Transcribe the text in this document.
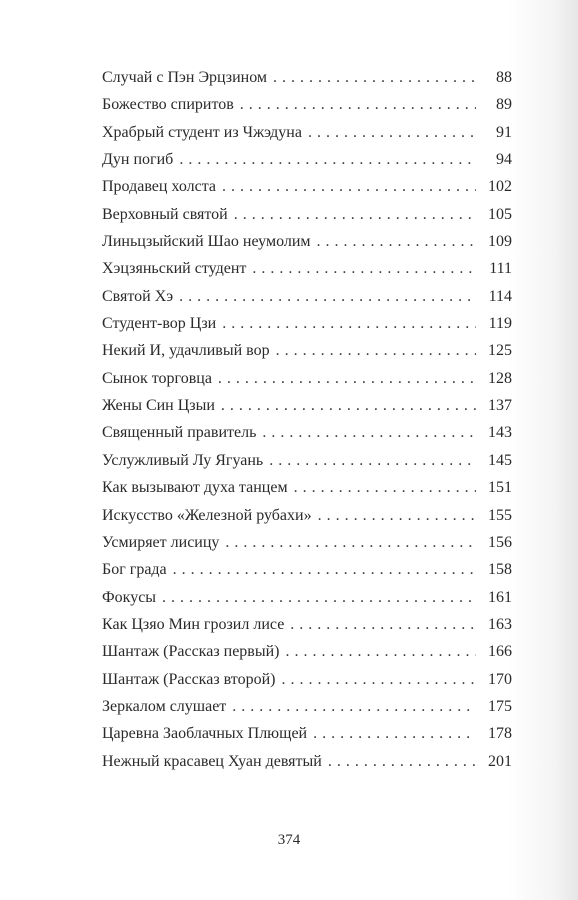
Случай с Пэн Эрцзином . . .	88
Божество спиритов . . .	89
Храбрый студент из Чжэдуна . . .	91
Дун погиб . . .	94
Продавец холста . . .	102
Верховный святой . . .	105
Линьцзыйский Шао неумолим . . .	109
Хэцзяньский студент . . .	111
Святой Хэ . . .	114
Студент-вор Цзи . . .	119
Некий И, удачливый вор . . .	125
Сынок торговца . . .	128
Жены Син Цзыи . . .	137
Священный правитель . . .	143
Услужливый Лу Ягуань . . .	145
Как вызывают духа танцем . . .	151
Искусство «Железной рубахи» . . .	155
Усмиряет лисицу . . .	156
Бог града . . .	158
Фокусы . . .	161
Как Цзяо Мин грозил лисе . . .	163
Шантаж (Рассказ первый) . . .	166
Шантаж (Рассказ второй) . . .	170
Зеркалом слушает . . .	175
Царевна Заоблачных Плющей . . .	178
Нежный красавец Хуан девятый . . .	201
374
